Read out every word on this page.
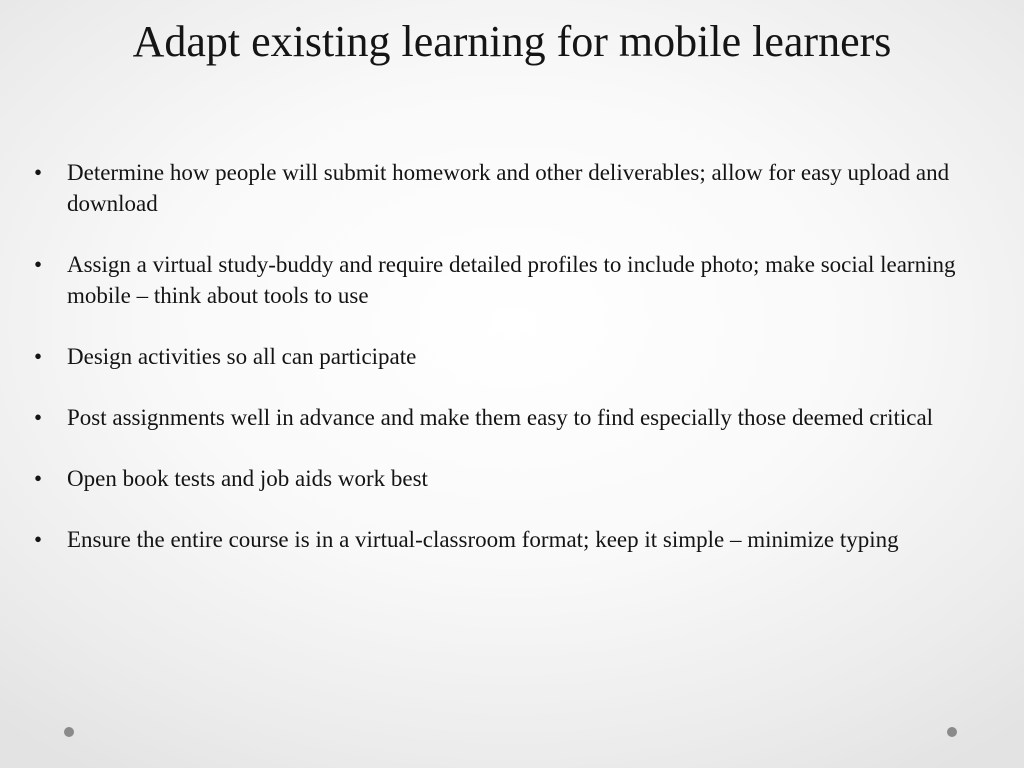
Adapt existing learning for mobile learners
• Determine how people will submit homework and other deliverables; allow for easy upload and download
• Assign a virtual study-buddy and require detailed profiles to include photo; make social learning mobile – think about tools to use
• Design activities so all can participate
• Post assignments well in advance and make them easy to find especially those deemed critical
• Open book tests and job aids work best
• Ensure the entire course is in a virtual-classroom format; keep it simple – minimize typing
